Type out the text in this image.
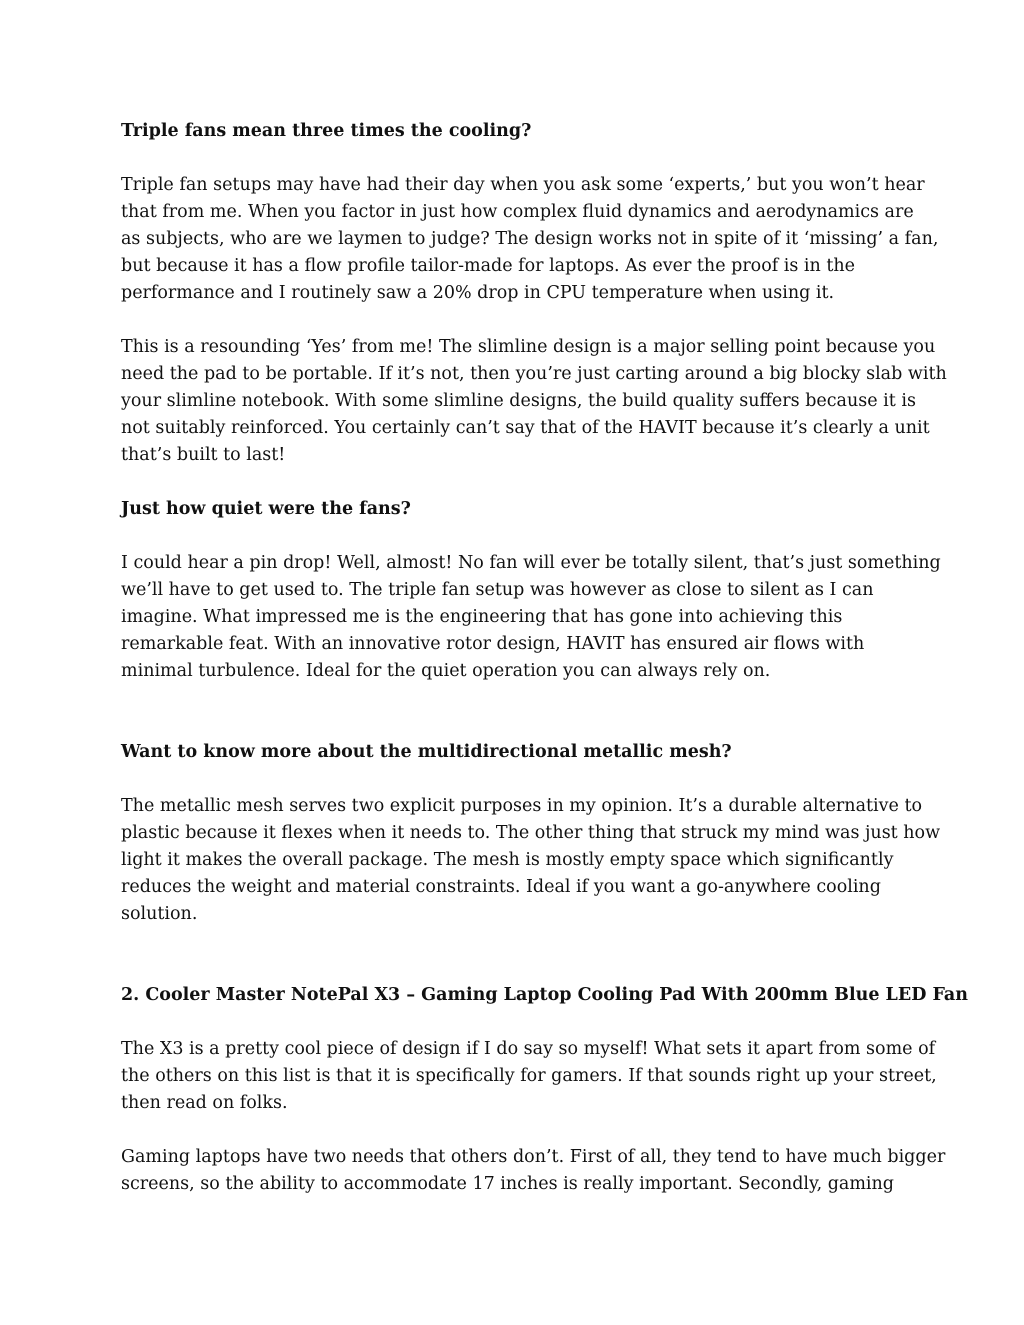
Triple fans mean three times the cooling?
Triple fan setups may have had their day when you ask some ‘experts,’ but you won’t hear
that from me. When you factor in just how complex fluid dynamics and aerodynamics are
as subjects, who are we laymen to judge? The design works not in spite of it ‘missing’ a fan,
but because it has a flow profile tailor-made for laptops. As ever the proof is in the
performance and I routinely saw a 20% drop in CPU temperature when using it.
This is a resounding ‘Yes’ from me! The slimline design is a major selling point because you
need the pad to be portable. If it’s not, then you’re just carting around a big blocky slab with
your slimline notebook. With some slimline designs, the build quality suffers because it is
not suitably reinforced. You certainly can’t say that of the HAVIT because it’s clearly a unit
that’s built to last!
Just how quiet were the fans?
I could hear a pin drop! Well, almost! No fan will ever be totally silent, that’s just something
we’ll have to get used to. The triple fan setup was however as close to silent as I can
imagine. What impressed me is the engineering that has gone into achieving this
remarkable feat. With an innovative rotor design, HAVIT has ensured air flows with
minimal turbulence. Ideal for the quiet operation you can always rely on.
Want to know more about the multidirectional metallic mesh?
The metallic mesh serves two explicit purposes in my opinion. It’s a durable alternative to
plastic because it flexes when it needs to. The other thing that struck my mind was just how
light it makes the overall package. The mesh is mostly empty space which significantly
reduces the weight and material constraints. Ideal if you want a go-anywhere cooling
solution.
2. Cooler Master NotePal X3 – Gaming Laptop Cooling Pad With 200mm Blue LED Fan
The X3 is a pretty cool piece of design if I do say so myself! What sets it apart from some of
the others on this list is that it is specifically for gamers. If that sounds right up your street,
then read on folks.
Gaming laptops have two needs that others don’t. First of all, they tend to have much bigger
screens, so the ability to accommodate 17 inches is really important. Secondly, gaming
